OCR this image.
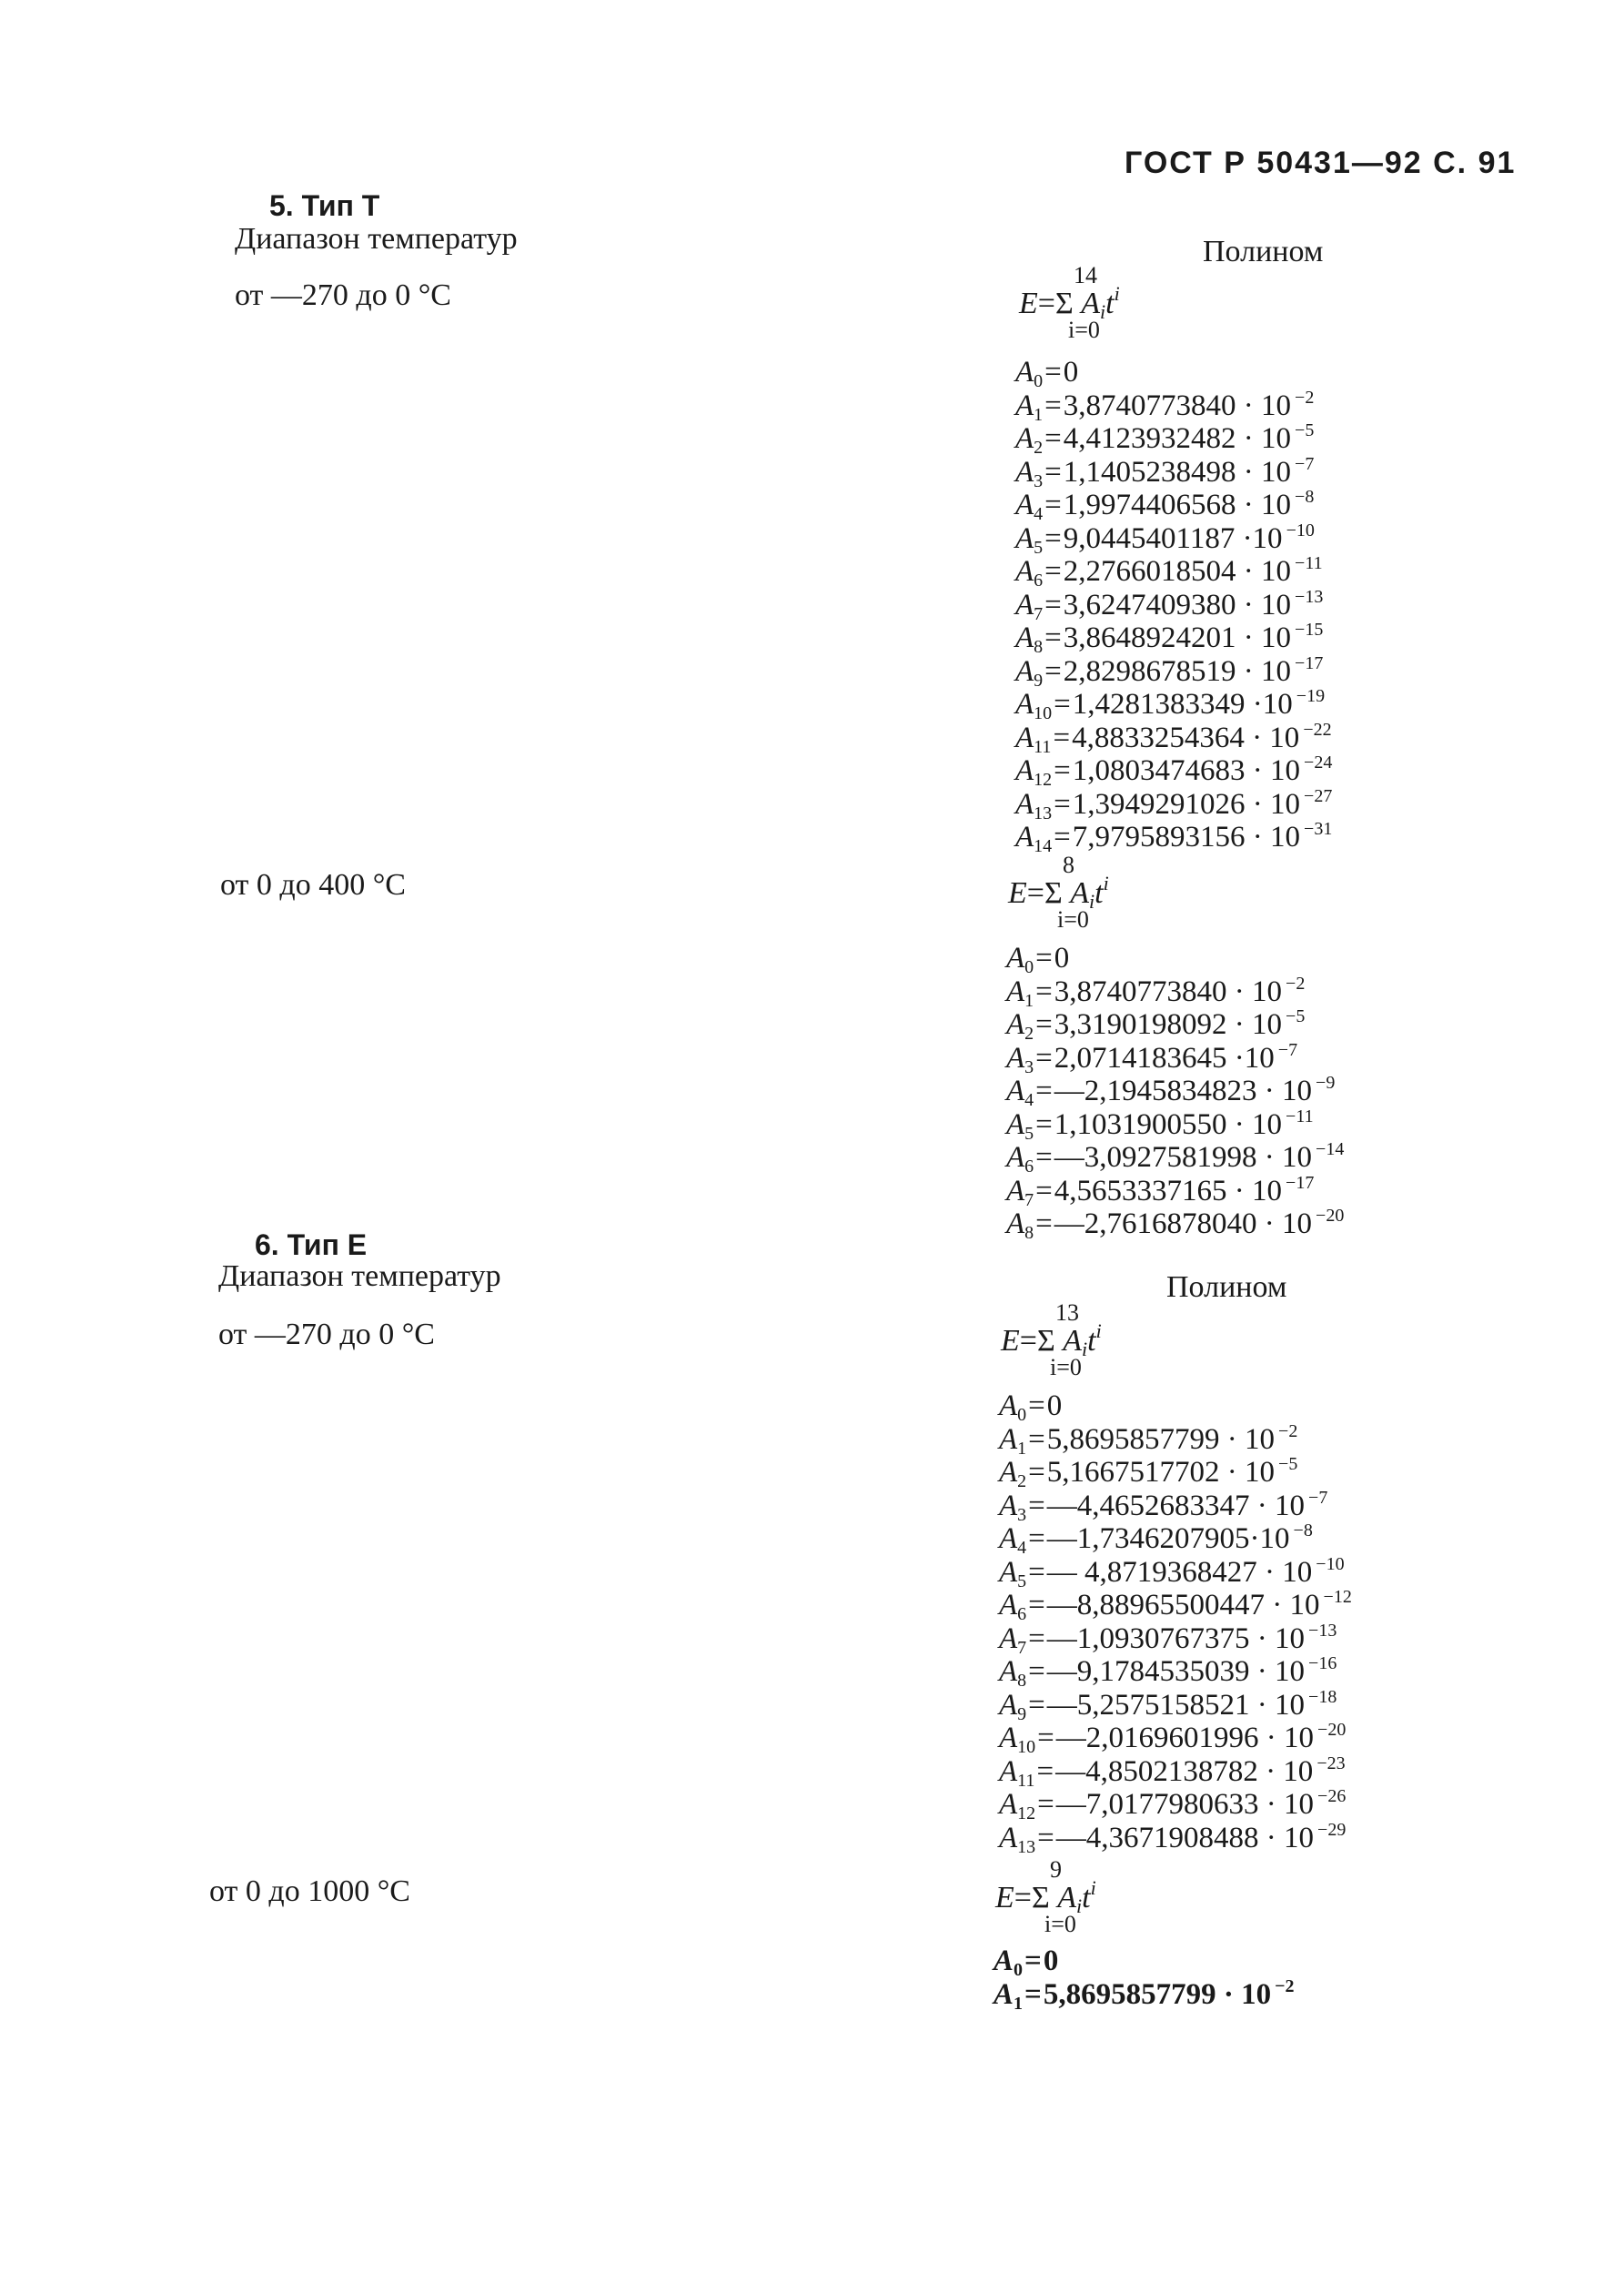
ГОСТ Р 50431—92 С. 91
5. Тип Т
Диапазон температур	Полином
от —270 до 0 °С
14
E=Σ $A_it^i$
i=0
$A_0=0$
$A_1=3,8740773840 \cdot 10$ $^{-2}$
$A_2=4,4123932482 \cdot 10$ $^{-5}$
$A_3=1,1405238498 \cdot 10$ $^{-7}$
$A_4=1,9974406568 \cdot 10$ $^{-8}$
$A_5=9,0445401187 \cdot 10$ $^{-10}$
$A_6=2,2766018504 \cdot 10$ $^{-11}$
$A_7=3,6247409380 \cdot 10$ $^{-13}$
$A_8=3,8648924201 \cdot 10$ $^{-15}$
$A_9=2,8298678519 \cdot 10$ $^{-17}$
$A_{10}=1,4281383349 \cdot 10$ $^{-19}$
$A_{11}=4,8833254364 \cdot 10$ $^{-22}$
$A_{12}=1,0803474683 \cdot 10$ $^{-24}$
$A_{13}=1,3949291026 \cdot 10$ $^{-27}$
$A_{14}=7,9795893156 \cdot 10$ $^{-31}$
от 0 до 400 °С
8
E=Σ $A_it^i$
i=0
$A_0=0$
$A_1=3,8740773840 \cdot 10$ $^{-2}$
$A_2=3,3190198092 \cdot 10$ $^{-5}$
$A_3=2,0714183645 \cdot 10$ $^{-7}$
$A_4=—2,1945834823 \cdot 10$ $^{-9}$
$A_5=1,1031900550 \cdot 10$ $^{-11}$
$A_6=—3,0927581998 \cdot 10$ $^{-14}$
$A_7=4,5653337165 \cdot 10$ $^{-17}$
$A_8=—2,7616878040 \cdot 10$ $^{-20}$
6. Тип Е
Диапазон температур	Полином
от —270 до 0 °С
13
E=Σ $A_it^i$
i=0
$A_0=0$
$A_1=5,8695857799 \cdot 10$ $^{-2}$
$A_2=5,1667517702 \cdot 10$ $^{-5}$
$A_3=—4,4652683347 \cdot 10$ $^{-7}$
$A_4=—1,7346207905\cdot 10$ $^{-8}$
$A_5=—$ 4,8719368427 · 10 $^{-10}$
$A_6=—8,88965500447 \cdot 10$ $^{-12}$
$A_7=—1,0930767375 \cdot 10$ $^{-13}$
$A_8=—9,1784535039 \cdot 10$ $^{-16}$
$A_9=—5,2575158521 \cdot 10$ $^{-18}$
$A_{10}=—2,0169601996 \cdot 10$ $^{-20}$
$A_{11}=—4,8502138782 \cdot 10$ $^{-23}$
$A_{12}=—7,0177980633 \cdot 10$ $^{-26}$
$A_{13}=—4,3671908488 \cdot 10$ $^{-29}$
от 0 до 1000 °С
9
E=Σ $A_it^i$
i=0
$A_0=0$
$A_1=5,8695857799 \cdot 10$ $^{-2}$
